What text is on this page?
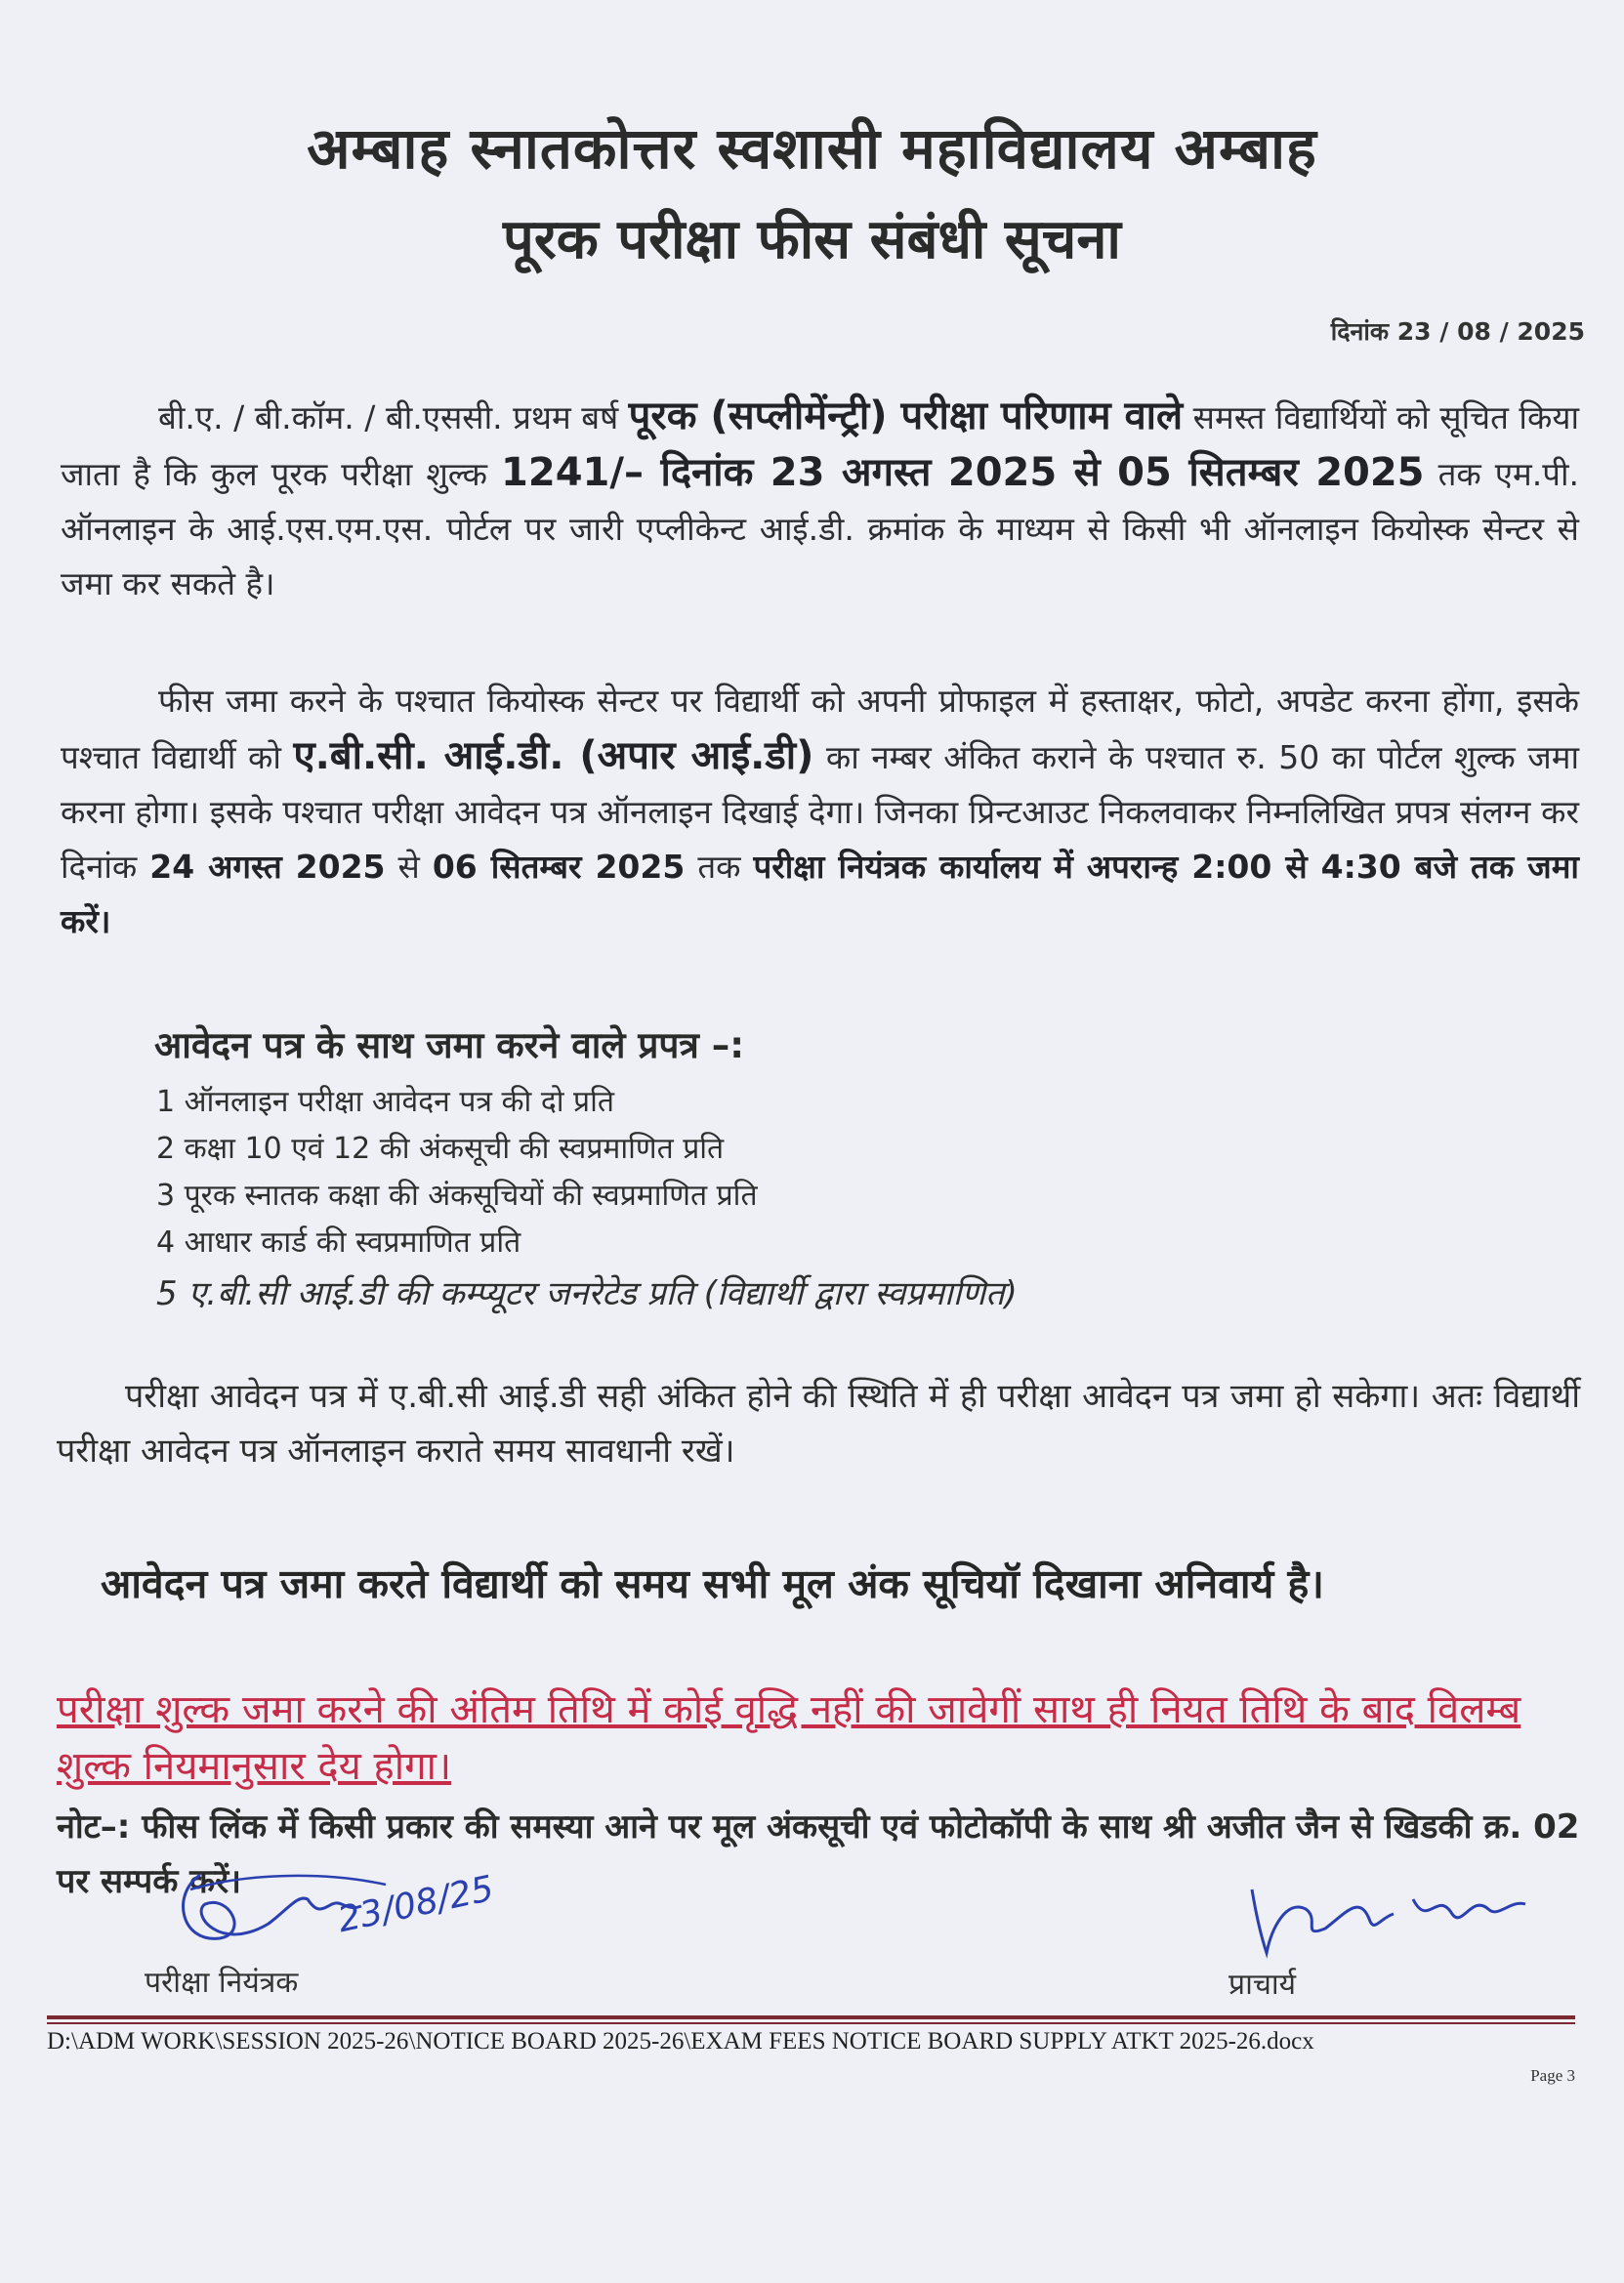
अम्बाह स्नातकोत्तर स्वशासी महाविद्यालय अम्बाह
पूरक परीक्षा फीस संबंधी सूचना
दिनांक 23 / 08 / 2025
बी.ए. / बी.कॉम. / बी.एससी. प्रथम बर्ष पूरक (सप्लीमेंन्ट्री) परीक्षा परिणाम वाले समस्त विद्यार्थियों को सूचित किया जाता है कि कुल पूरक परीक्षा शुल्क 1241/– दिनांक 23 अगस्त 2025 से 05 सितम्बर 2025 तक एम.पी. ऑनलाइन के आई.एस.एम.एस. पोर्टल पर जारी एप्लीकेन्ट आई.डी. क्रमांक के माध्यम से किसी भी ऑनलाइन कियोस्क सेन्टर से जमा कर सकते है।
फीस जमा करने के पश्चात कियोस्क सेन्टर पर विद्यार्थी को अपनी प्रोफाइल में हस्ताक्षर, फोटो, अपडेट करना होंगा, इसके पश्चात विद्यार्थी को ए.बी.सी. आई.डी. (अपार आई.डी) का नम्बर अंकित कराने के पश्चात रु. 50 का पोर्टल शुल्क जमा करना होगा। इसके पश्चात परीक्षा आवेदन पत्र ऑनलाइन दिखाई देगा। जिनका प्रिन्टआउट निकलवाकर निम्नलिखित प्रपत्र संलग्न कर दिनांक 24 अगस्त 2025 से 06 सितम्बर 2025 तक परीक्षा नियंत्रक कार्यालय में अपरान्ह 2:00 से 4:30 बजे तक जमा करें।
आवेदन पत्र के साथ जमा करने वाले प्रपत्र –:
1 ऑनलाइन परीक्षा आवेदन पत्र की दो प्रति
2 कक्षा 10 एवं 12 की अंकसूची की स्वप्रमाणित प्रति
3 पूरक स्नातक कक्षा की अंकसूचियों की स्वप्रमाणित प्रति
4 आधार कार्ड की स्वप्रमाणित प्रति
5 ए.बी.सी आई.डी की कम्प्यूटर जनरेटेड प्रति (विद्यार्थी द्वारा स्वप्रमाणित)
परीक्षा आवेदन पत्र में ए.बी.सी आई.डी सही अंकित होने की स्थिति में ही परीक्षा आवेदन पत्र जमा हो सकेगा। अतः विद्यार्थी परीक्षा आवेदन पत्र ऑनलाइन कराते समय सावधानी रखें।
आवेदन पत्र जमा करते विद्यार्थी को समय सभी मूल अंक सूचियॉ दिखाना अनिवार्य है।
परीक्षा शुल्क जमा करने की अंतिम तिथि में कोई वृद्धि नहीं की जावेगीं साथ ही नियत तिथि के बाद विलम्ब शुल्क नियमानुसार देय होगा।
नोट–: फीस लिंक में किसी प्रकार की समस्या आने पर मूल अंकसूची एवं फोटोकॉपी के साथ श्री अजीत जैन से खिडकी क्र. 02 पर सम्पर्क करें।	23/08/25
परीक्षा नियंत्रक	प्राचार्य
D:\ADM WORK\SESSION 2025-26\NOTICE BOARD 2025-26\EXAM FEES NOTICE BOARD SUPPLY ATKT 2025-26.docx
Page 3
